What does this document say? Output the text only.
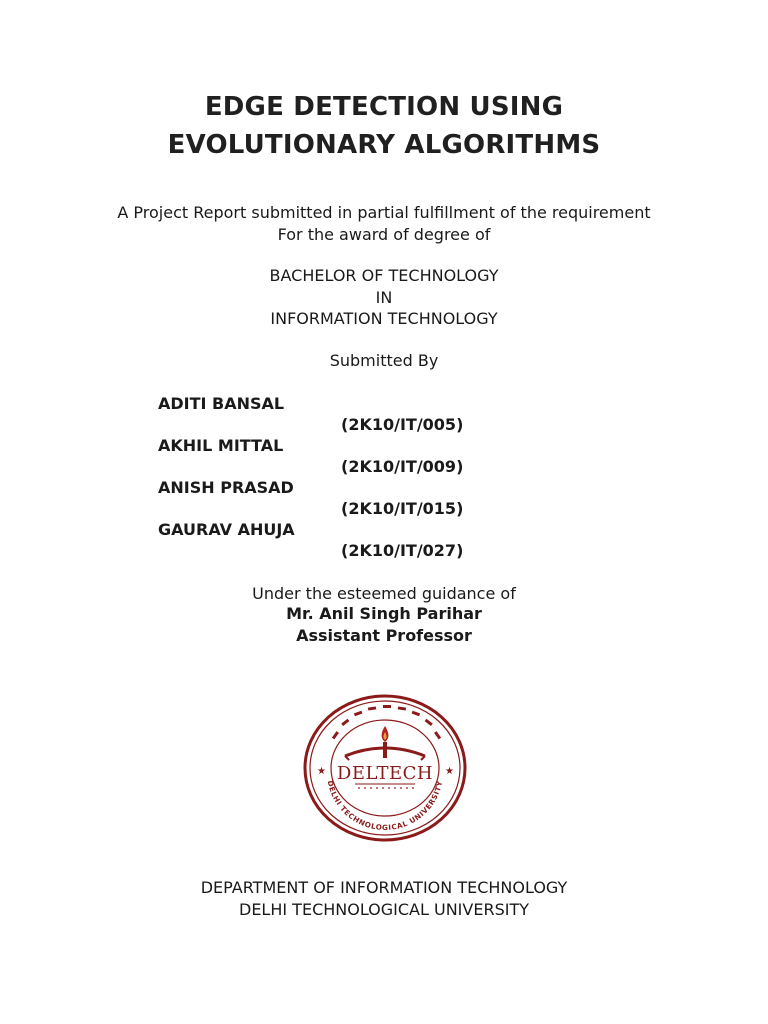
EDGE DETECTION USING
EVOLUTIONARY ALGORITHMS
A Project Report submitted in partial fulfillment of the requirement
For the award of degree of
BACHELOR OF TECHNOLOGY
IN
INFORMATION TECHNOLOGY
Submitted By
ADITI BANSAL
(2K10/IT/005)
AKHIL MITTAL
(2K10/IT/009)
ANISH PRASAD
(2K10/IT/015)
GAURAV AHUJA
(2K10/IT/027)
Under the esteemed guidance of
Mr. Anil Singh Parihar
Assistant Professor
★	★
DELHI TECHNOLOGICAL UNIVERSITY
DELTECH
DEPARTMENT OF INFORMATION TECHNOLOGY
DELHI TECHNOLOGICAL UNIVERSITY
